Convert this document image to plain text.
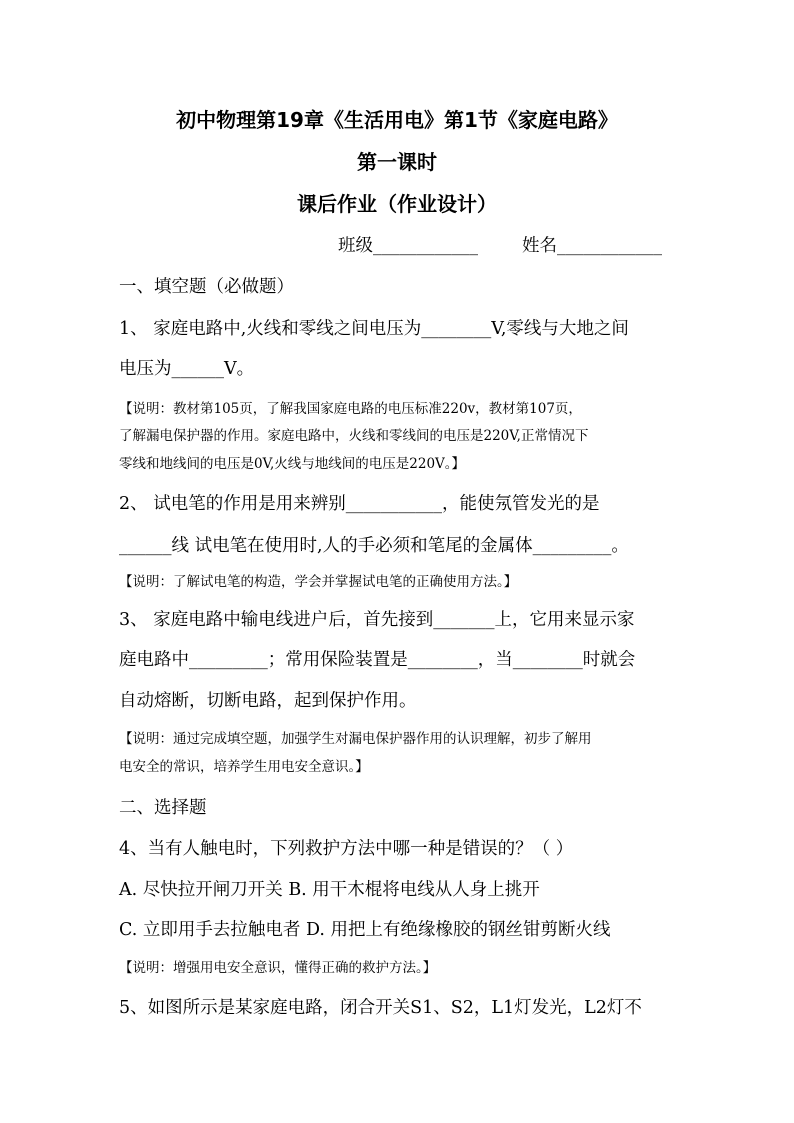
初中物理第19章《生活用电》第1节《家庭电路》
第一课时
课后作业（作业设计）
班级____________	姓名____________
一、填空题（必做题）
1、 家庭电路中,火线和零线之间电压为________V,零线与大地之间
电压为______V。
【说明：教材第105页，了解我国家庭电路的电压标准220v，教材第107页，
了解漏电保护器的作用。家庭电路中，火线和零线间的电压是220V,正常情况下
零线和地线间的电压是0V,火线与地线间的电压是220V。】
2、 试电笔的作用是用来辨别___________，能使氖管发光的是
______线 试电笔在使用时,人的手必须和笔尾的金属体_________。
【说明：了解试电笔的构造，学会并掌握试电笔的正确使用方法。】
3、 家庭电路中输电线进户后，首先接到_______上，它用来显示家
庭电路中_________；常用保险装置是________，当________时就会
自动熔断，切断电路，起到保护作用。
【说明：通过完成填空题，加强学生对漏电保护器作用的认识理解，初步了解用
电安全的常识，培养学生用电安全意识。】
二、选择题
4、当有人触电时，下列救护方法中哪一种是错误的？（ ）
A. 尽快拉开闸刀开关 B. 用干木棍将电线从人身上挑开
C. 立即用手去拉触电者 D. 用把上有绝缘橡胶的钢丝钳剪断火线
【说明：增强用电安全意识，懂得正确的救护方法。】
5、如图所示是某家庭电路，闭合开关S1、S2，L1灯发光，L2灯不
